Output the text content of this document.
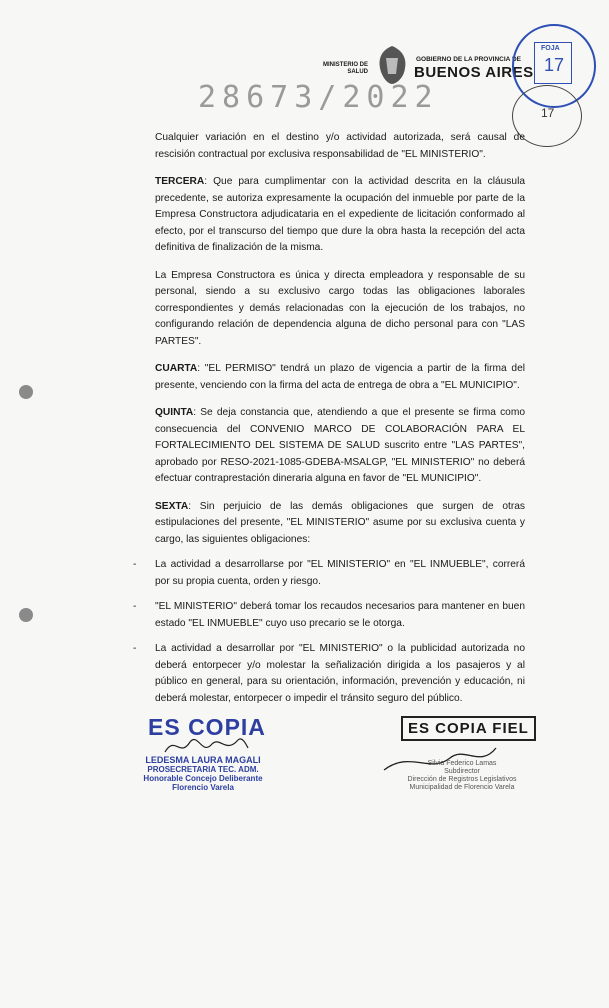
MINISTERIO DE SALUD
GOBIERNO DE LA PROVINCIA DE
BUENOS AIRES
28673/2022
FOJA
17
17

Cualquier variación en el destino y/o actividad autorizada, será causal de rescisión contractual por exclusiva responsabilidad de "EL MINISTERIO".

TERCERA: Que para cumplimentar con la actividad descrita en la cláusula precedente, se autoriza expresamente la ocupación del inmueble por parte de la Empresa Constructora adjudicataria en el expediente de licitación conformado al efecto, por el transcurso del tiempo que dure la obra hasta la recepción del acta definitiva de finalización de la misma.

La Empresa Constructora es única y directa empleadora y responsable de su personal, siendo a su exclusivo cargo todas las obligaciones laborales correspondientes y demás relacionadas con la ejecución de los trabajos, no configurando relación de dependencia alguna de dicho personal para con "LAS PARTES".

CUARTA: "EL PERMISO" tendrá un plazo de vigencia a partir de la firma del presente, venciendo con la firma del acta de entrega de obra a "EL MUNICIPIO".

QUINTA: Se deja constancia que, atendiendo a que el presente se firma como consecuencia del CONVENIO MARCO DE COLABORACIÓN PARA EL FORTALECIMIENTO DEL SISTEMA DE SALUD suscrito entre "LAS PARTES", aprobado por RESO-2021-1085-GDEBA-MSALGP, "EL MINISTERIO" no deberá efectuar contraprestación dineraria alguna en favor de "EL MUNICIPIO".

SEXTA: Sin perjuicio de las demás obligaciones que surgen de otras estipulaciones del presente, "EL MINISTERIO" asume por su exclusiva cuenta y cargo, las siguientes obligaciones:

-	La actividad a desarrollarse por "EL MINISTERIO" en "EL INMUEBLE", correrá por su propia cuenta, orden y riesgo.
-	"EL MINISTERIO" deberá tomar los recaudos necesarios para mantener en buen estado "EL INMUEBLE" cuyo uso precario se le otorga.
-	La actividad a desarrollar por "EL MINISTERIO" o la publicidad autorizada no deberá entorpecer y/o molestar la señalización dirigida a los pasajeros y al público en general, para su orientación, información, prevención y educación, ni deberá molestar, entorpecer o impedir el tránsito seguro del público.
ES COPIA
LEDESMA LAURA MAGALI
PROSECRETARIA TEC. ADM.
Honorable Concejo Deliberante
Florencio Varela
ES COPIA FIEL
Silvia Federico Lamas
Subdirector
Dirección de Registros Legislativos
Municipalidad de Florencio Varela
